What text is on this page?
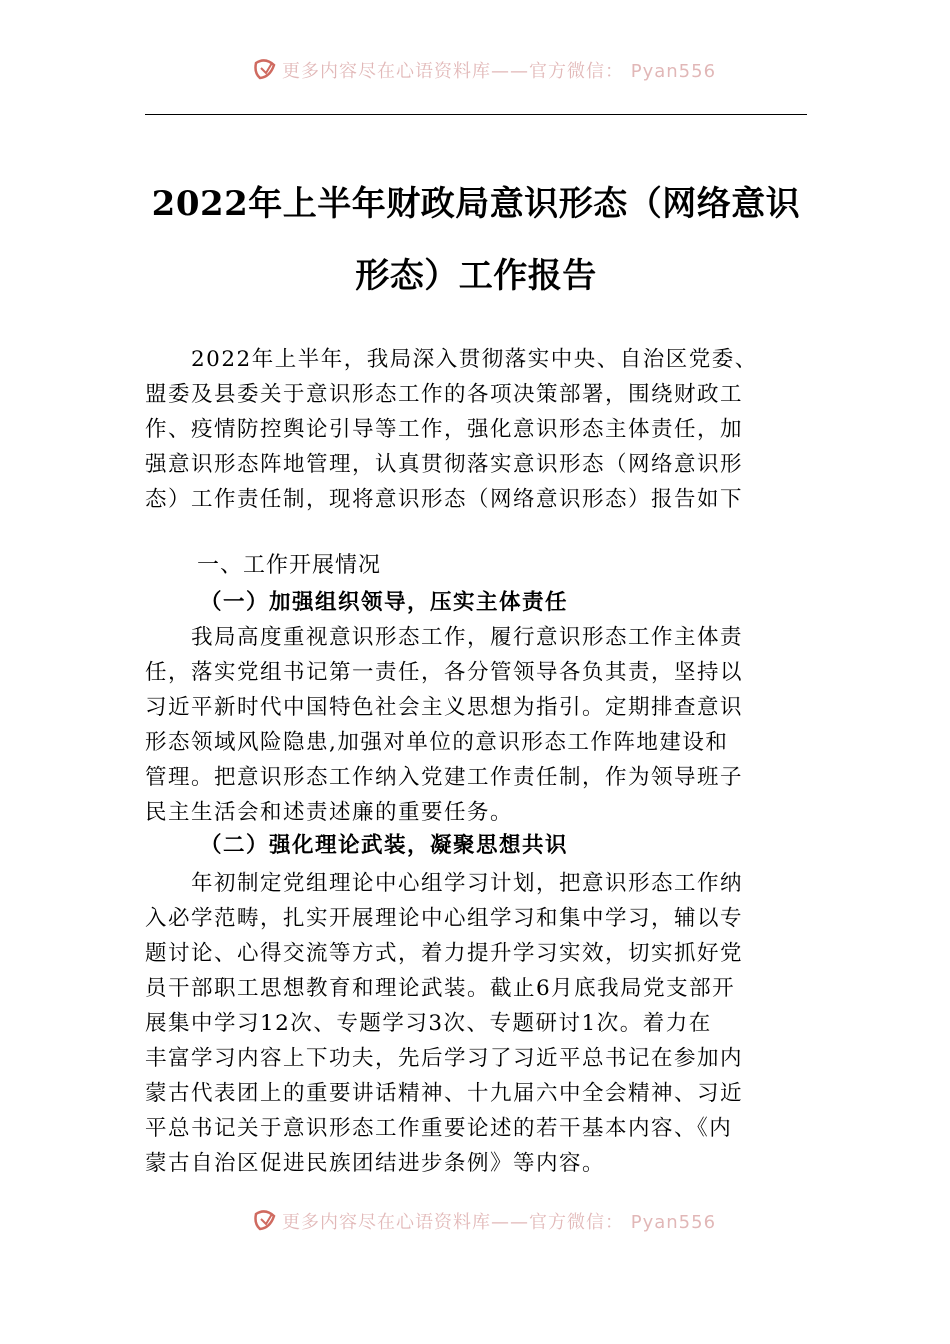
更多内容尽在心语资料库——官方微信： Pyan556
2022年上半年财政局意识形态（网络意识
形态）工作报告
　　2022年上半年，我局深入贯彻落实中央、自治区党委、
盟委及县委关于意识形态工作的各项决策部署，围绕财政工
作、疫情防控舆论引导等工作，强化意识形态主体责任，加
强意识形态阵地管理，认真贯彻落实意识形态（网络意识形
态）工作责任制，现将意识形态（网络意识形态）报告如下
一、工作开展情况
（一）加强组织领导，压实主体责任
　　我局高度重视意识形态工作，履行意识形态工作主体责
任，落实党组书记第一责任，各分管领导各负其责，坚持以
习近平新时代中国特色社会主义思想为指引。定期排查意识
形态领域风险隐患,加强对单位的意识形态工作阵地建设和
管理。把意识形态工作纳入党建工作责任制，作为领导班子
民主生活会和述责述廉的重要任务。
（二）强化理论武装，凝聚思想共识
　　年初制定党组理论中心组学习计划，把意识形态工作纳
入必学范畴，扎实开展理论中心组学习和集中学习，辅以专
题讨论、心得交流等方式，着力提升学习实效，切实抓好党
员干部职工思想教育和理论武装。截止6月底我局党支部开
展集中学习12次、专题学习3次、专题研讨1次。着力在
丰富学习内容上下功夫，先后学习了习近平总书记在参加内
蒙古代表团上的重要讲话精神、十九届六中全会精神、习近
平总书记关于意识形态工作重要论述的若干基本内容、《内
蒙古自治区促进民族团结进步条例》等内容。
更多内容尽在心语资料库——官方微信： Pyan556
